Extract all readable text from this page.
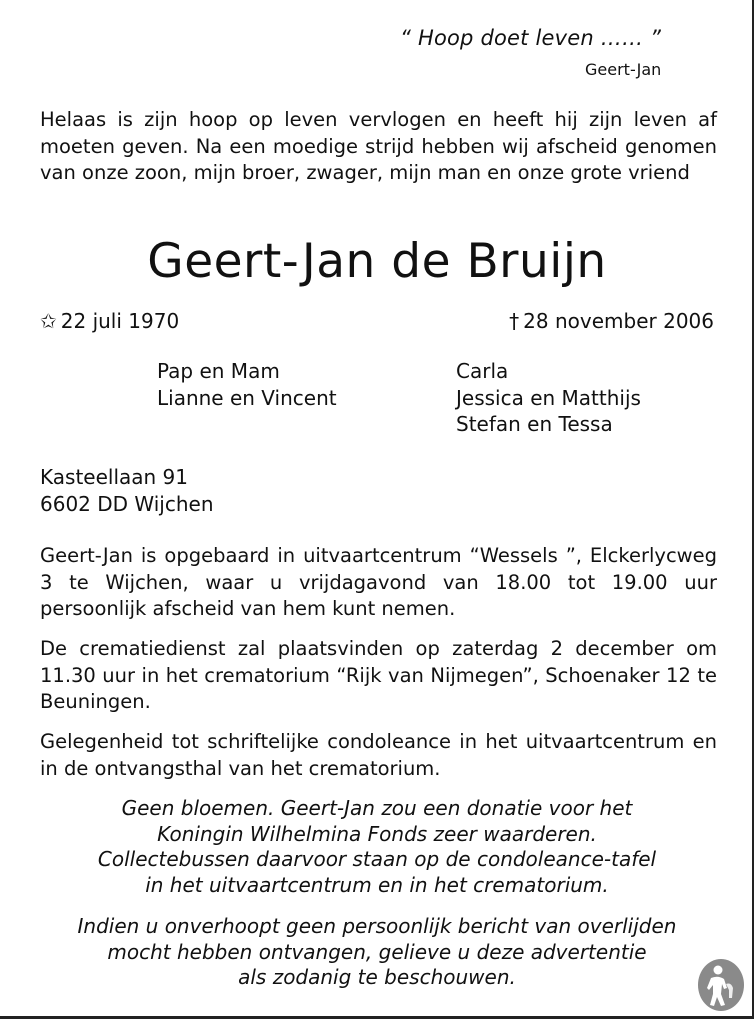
“ Hoop doet leven …… ”
Geert-Jan

Helaas is zijn hoop op leven vervlogen en heeft hij zijn leven af moeten geven. Na een moedige strijd hebben wij afscheid genomen van onze zoon, mijn broer, zwager, mijn man en onze grote vriend

Geert-Jan de Bruijn
✩ 22 juli 1970	† 28 november 2006
Pap en Mam
Lianne en Vincent
Carla
Jessica en Matthijs
Stefan en Tessa
Kasteellaan 91
6602 DD Wijchen

Geert-Jan is opgebaard in uitvaartcentrum “Wessels ”, Elckerlycweg 3 te Wijchen, waar u vrijdagavond van 18.00 tot 19.00 uur persoonlijk afscheid van hem kunt nemen.

De crematiedienst zal plaatsvinden op zaterdag 2 december om 11.30 uur in het crematorium “Rijk van Nijmegen”, Schoenaker 12 te Beuningen.

Gelegenheid tot schriftelijke condoleance in het uitvaartcentrum en in de ontvangsthal van het crematorium.

Geen bloemen. Geert-Jan zou een donatie voor het
Koningin Wilhelmina Fonds zeer waarderen.
Collectebussen daarvoor staan op de condoleance-tafel
in het uitvaartcentrum en in het crematorium.
Indien u onverhoopt geen persoonlijk bericht van overlijden
mocht hebben ontvangen, gelieve u deze advertentie
als zodanig te beschouwen.
